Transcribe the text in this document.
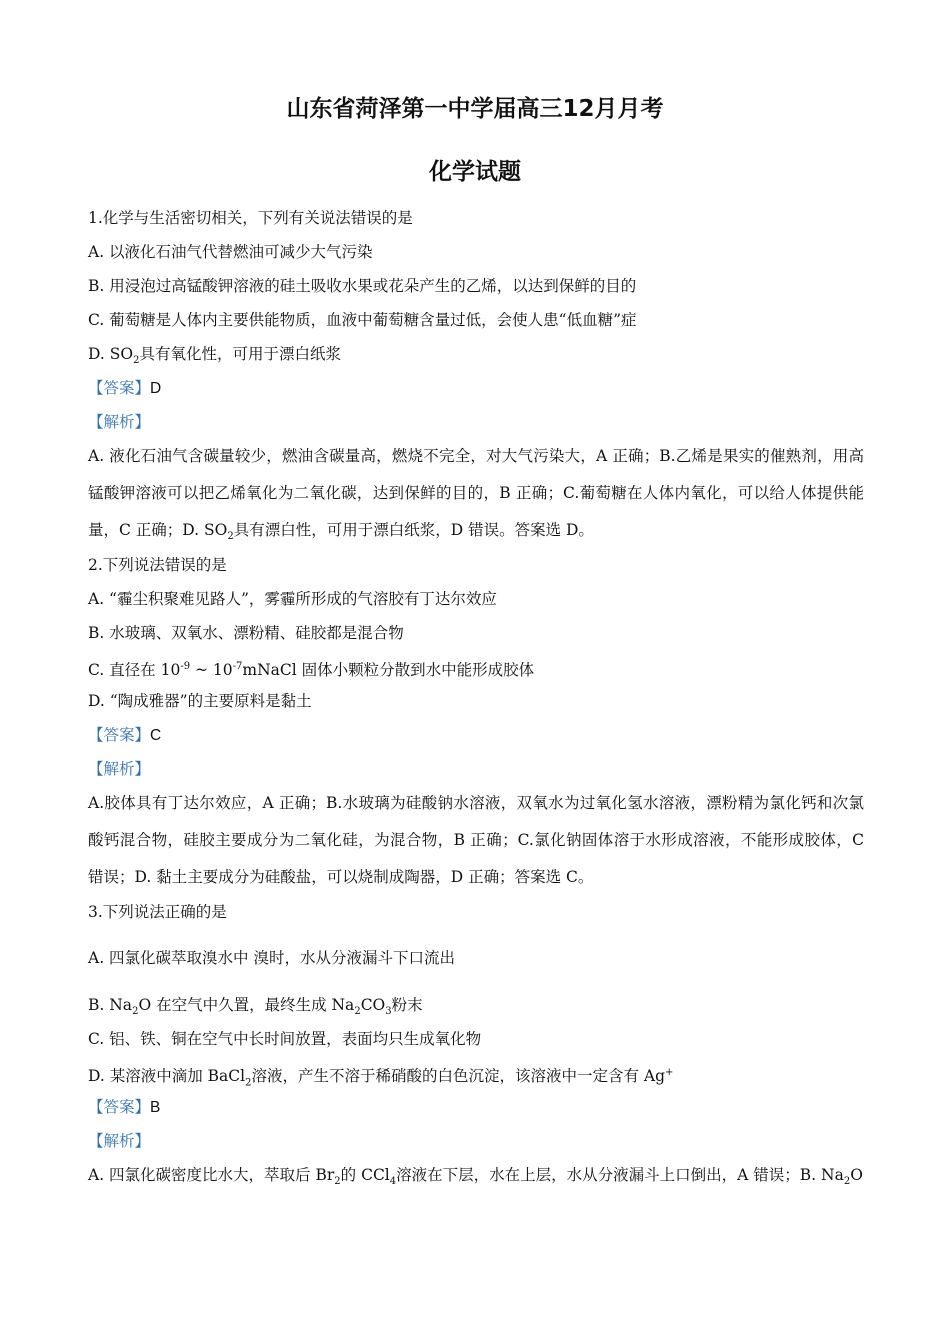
山东省菏泽第一中学届高三12月月考
化学试题
1.化学与生活密切相关，下列有关说法错误的是
A. 以液化石油气代替燃油可减少大气污染
B. 用浸泡过高锰酸钾溶液的硅土吸收水果或花朵产生的乙烯，以达到保鲜的目的
C. 葡萄糖是人体内主要供能物质，血液中葡萄糖含量过低，会使人患“低血糖”症
D. $SO_2$具有氧化性，可用于漂白纸浆
【答案】D
【解析】
A. 液化石油气含碳量较少，燃油含碳量高，燃烧不完全，对大气污染大，A 正确；B.乙烯是果实的催熟剂，用高锰酸钾溶液可以把乙烯氧化为二氧化碳，达到保鲜的目的，B 正确；C.葡萄糖在人体内氧化，可以给人体提供能量，C 正确；D. $SO_2$具有漂白性，可用于漂白纸浆，D 错误。答案选 D。
2.下列说法错误的是
A. “霾尘积聚难见路人”，雾霾所形成的气溶胶有丁达尔效应
B. 水玻璃、双氧水、漂粉精、硅胶都是混合物
C. 直径在 $10^{-9}$ ~ $10^{-7}mNaCl$ 固体小颗粒分散到水中能形成胶体
D. “陶成雅器”的主要原料是黏土
【答案】C
【解析】
A.胶体具有丁达尔效应，A 正确；B.水玻璃为硅酸钠水溶液，双氧水为过氧化氢水溶液，漂粉精为氯化钙和次氯酸钙混合物，硅胶主要成分为二氧化硅，为混合物，B 正确；C.氯化钠固体溶于水形成溶液，不能形成胶体，C 错误；D. 黏土主要成分为硅酸盐，可以烧制成陶器，D 正确；答案选 C。
3.下列说法正确的是
A. 四氯化碳萃取溴水中 溴时，水从分液漏斗下口流出
B. $Na_2O$ 在空气中久置，最终生成 $Na_2CO_3$粉末
C. 铝、铁、铜在空气中长时间放置，表面均只生成氧化物
D. 某溶液中滴加 BaCl$_2$溶液，产生不溶于稀硝酸的白色沉淀，该溶液中一定含有 Ag+
【答案】B
【解析】
A. 四氯化碳密度比水大，萃取后 $Br_2$的 CCl$_4$溶液在下层，水在上层，水从分液漏斗上口倒出，A 错误；B. $Na_2O$
